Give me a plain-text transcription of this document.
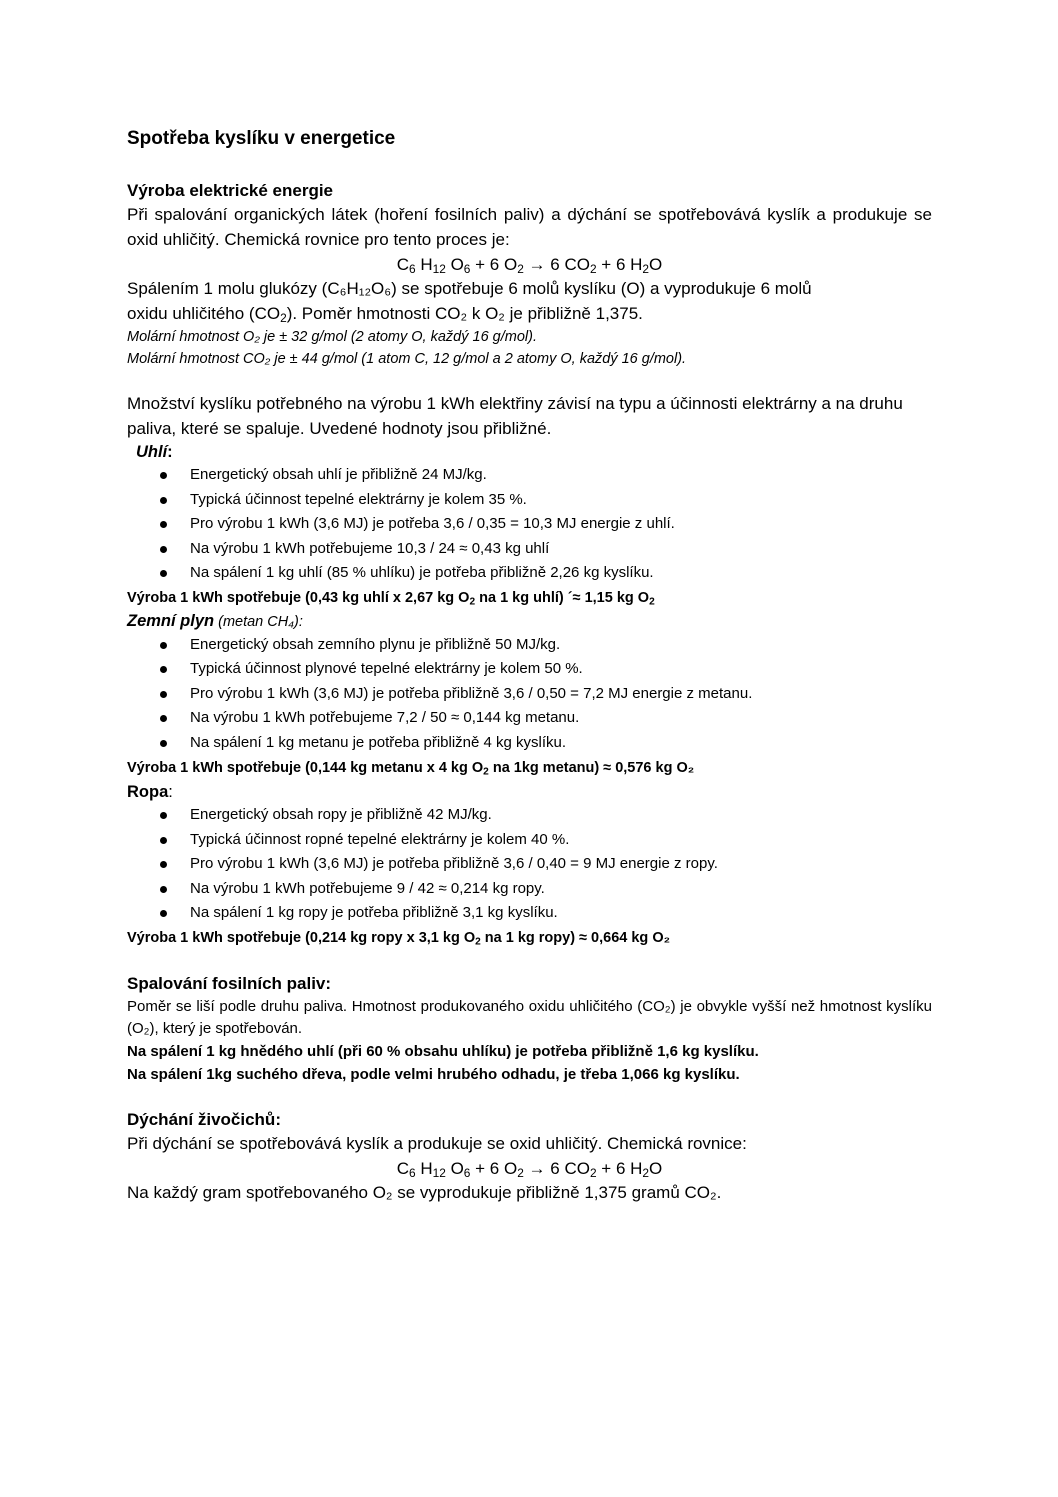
Spotřeba kyslíku v energetice

Výroba elektrické energie

Při spalování organických látek (hoření fosilních paliv) a dýchání se spotřebovává kyslík a produkuje se oxid uhličitý. Chemická rovnice pro tento proces je:

$C_6$ $H_{12}$ $O_6 + 6$ $O_2 \to 6$ $CO_2 + 6$ $H_2O$

Spálením 1 molu glukózy (C₆H₁₂O₆) se spotřebuje 6 molů kyslíku (O) a vyprodukuje 6 molů

oxidu uhličitého $(CO_2)$. Poměr hmotnosti CO₂ k O₂ je přibližně 1,375.

Molární hmotnost O₂ je ± 32 g/mol (2 atomy O, každý 16 g/mol).

Molární hmotnost CO₂ je ± 44 g/mol (1 atom C, 12 g/mol a 2 atomy O, každý 16 g/mol).

Množství kyslíku potřebného na výrobu 1 kWh elektřiny závisí na typu a účinnosti elektrárny a na druhu paliva, které se spaluje. Uvedené hodnoty jsou přibližné.

Uhlí:

Energetický obsah uhlí je přibližně 24 MJ/kg.
Typická účinnost tepelné elektrárny je kolem 35 %.
Pro výrobu 1 kWh (3,6 MJ) je potřeba 3,6 / 0,35 = 10,3 MJ energie z uhlí.
Na výrobu 1 kWh potřebujeme 10,3 / 24 ≈ 0,43 kg uhlí
Na spálení 1 kg uhlí (85 % uhlíku) je potřeba přibližně 2,26 kg kyslíku.

Výroba 1 kWh spotřebuje (0,43 kg uhlí x 2,67 kg $O_2$ na 1 kg uhlí) ´≈ 1,15 kg $O_2$

Zemní plyn (metan CH₄):

Energetický obsah zemního plynu je přibližně 50 MJ/kg.
Typická účinnost plynové tepelné elektrárny je kolem 50 %.
Pro výrobu 1 kWh (3,6 MJ) je potřeba přibližně 3,6 / 0,50 = 7,2 MJ energie z metanu.
Na výrobu 1 kWh potřebujeme 7,2 / 50 ≈ 0,144 kg metanu.
Na spálení 1 kg metanu je potřeba přibližně 4 kg kyslíku.

Výroba 1 kWh spotřebuje (0,144 kg metanu x 4 kg $O_2$ na 1kg metanu) ≈ 0,576 kg O₂

Ropa:

Energetický obsah ropy je přibližně 42 MJ/kg.
Typická účinnost ropné tepelné elektrárny je kolem 40 %.
Pro výrobu 1 kWh (3,6 MJ) je potřeba přibližně 3,6 / 0,40 = 9 MJ energie z ropy.
Na výrobu 1 kWh potřebujeme 9 / 42 ≈ 0,214 kg ropy.
Na spálení 1 kg ropy je potřeba přibližně 3,1 kg kyslíku.

Výroba 1 kWh spotřebuje (0,214 kg ropy x 3,1 kg $O_2$ na 1 kg ropy) ≈ 0,664 kg O₂

Spalování fosilních paliv:

Poměr se liší podle druhu paliva. Hmotnost produkovaného oxidu uhličitého (CO₂) je obvykle vyšší než hmotnost kyslíku (O₂), který je spotřebován.

Na spálení 1 kg hnědého uhlí (při 60 % obsahu uhlíku) je potřeba přibližně 1,6 kg kyslíku.

Na spálení 1kg suchého dřeva, podle velmi hrubého odhadu, je třeba 1,066 kg kyslíku.

Dýchání živočichů:

Při dýchání se spotřebovává kyslík a produkuje se oxid uhličitý. Chemická rovnice:

$C_6$ $H_{12}$ $O_6 + 6$ $O_2 \to 6$ $CO_2 + 6$ $H_2O$

Na každý gram spotřebovaného O₂ se vyprodukuje přibližně 1,375 gramů CO₂.
